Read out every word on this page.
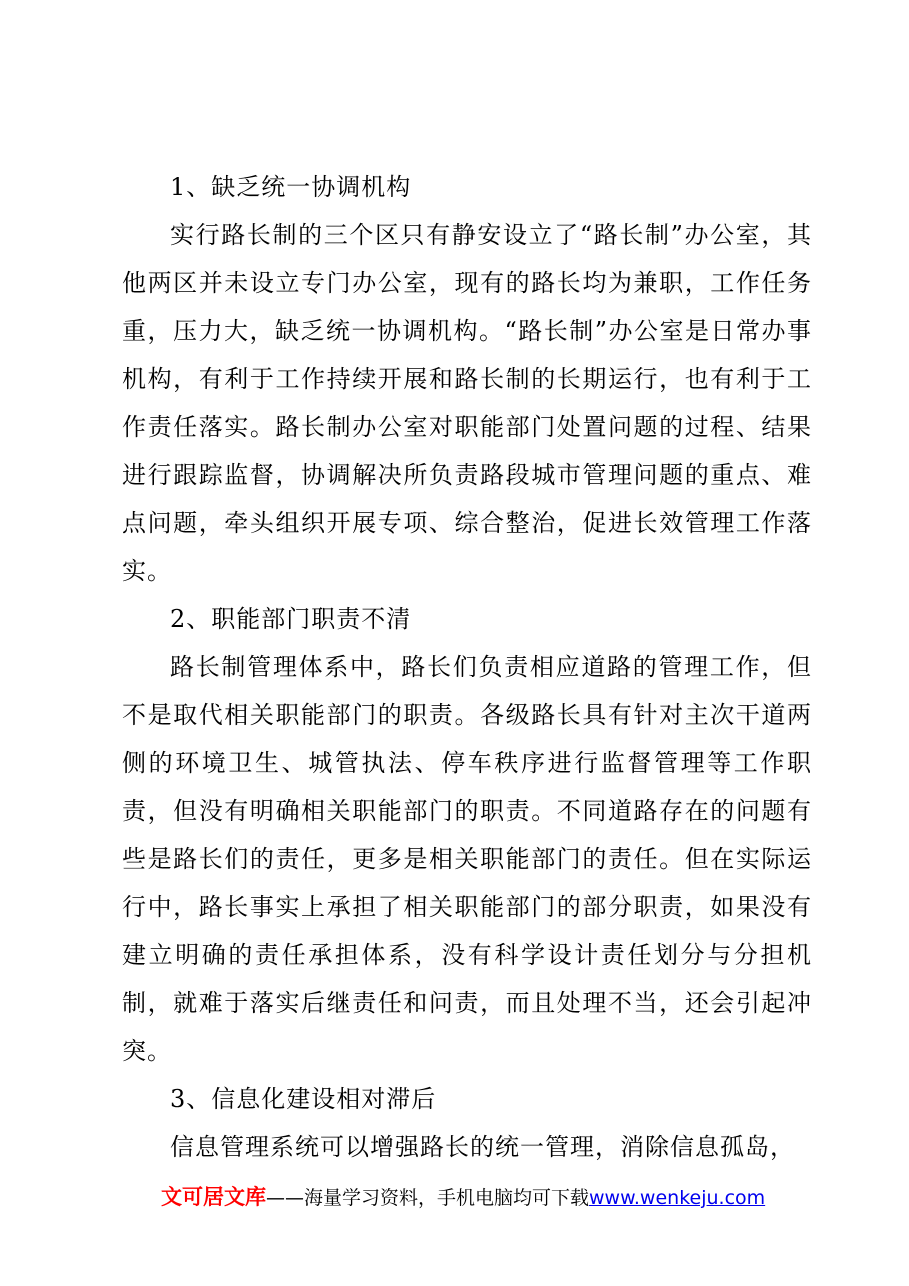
1、缺乏统一协调机构

实行路长制的三个区只有静安设立了“路长制”办公室，其他两区并未设立专门办公室，现有的路长均为兼职，工作任务重，压力大，缺乏统一协调机构。“路长制”办公室是日常办事机构，有利于工作持续开展和路长制的长期运行，也有利于工作责任落实。路长制办公室对职能部门处置问题的过程、结果进行跟踪监督，协调解决所负责路段城市管理问题的重点、难点问题，牵头组织开展专项、综合整治，促进长效管理工作落实。

2、职能部门职责不清

路长制管理体系中，路长们负责相应道路的管理工作，但不是取代相关职能部门的职责。各级路长具有针对主次干道两侧的环境卫生、城管执法、停车秩序进行监督管理等工作职责，但没有明确相关职能部门的职责。不同道路存在的问题有些是路长们的责任，更多是相关职能部门的责任。但在实际运行中，路长事实上承担了相关职能部门的部分职责，如果没有建立明确的责任承担体系，没有科学设计责任划分与分担机制，就难于落实后继责任和问责，而且处理不当，还会引起冲突。

3、信息化建设相对滞后

信息管理系统可以增强路长的统一管理，消除信息孤岛，

文可居文库——海量学习资料，手机电脑均可下载www.wenkeju.com
